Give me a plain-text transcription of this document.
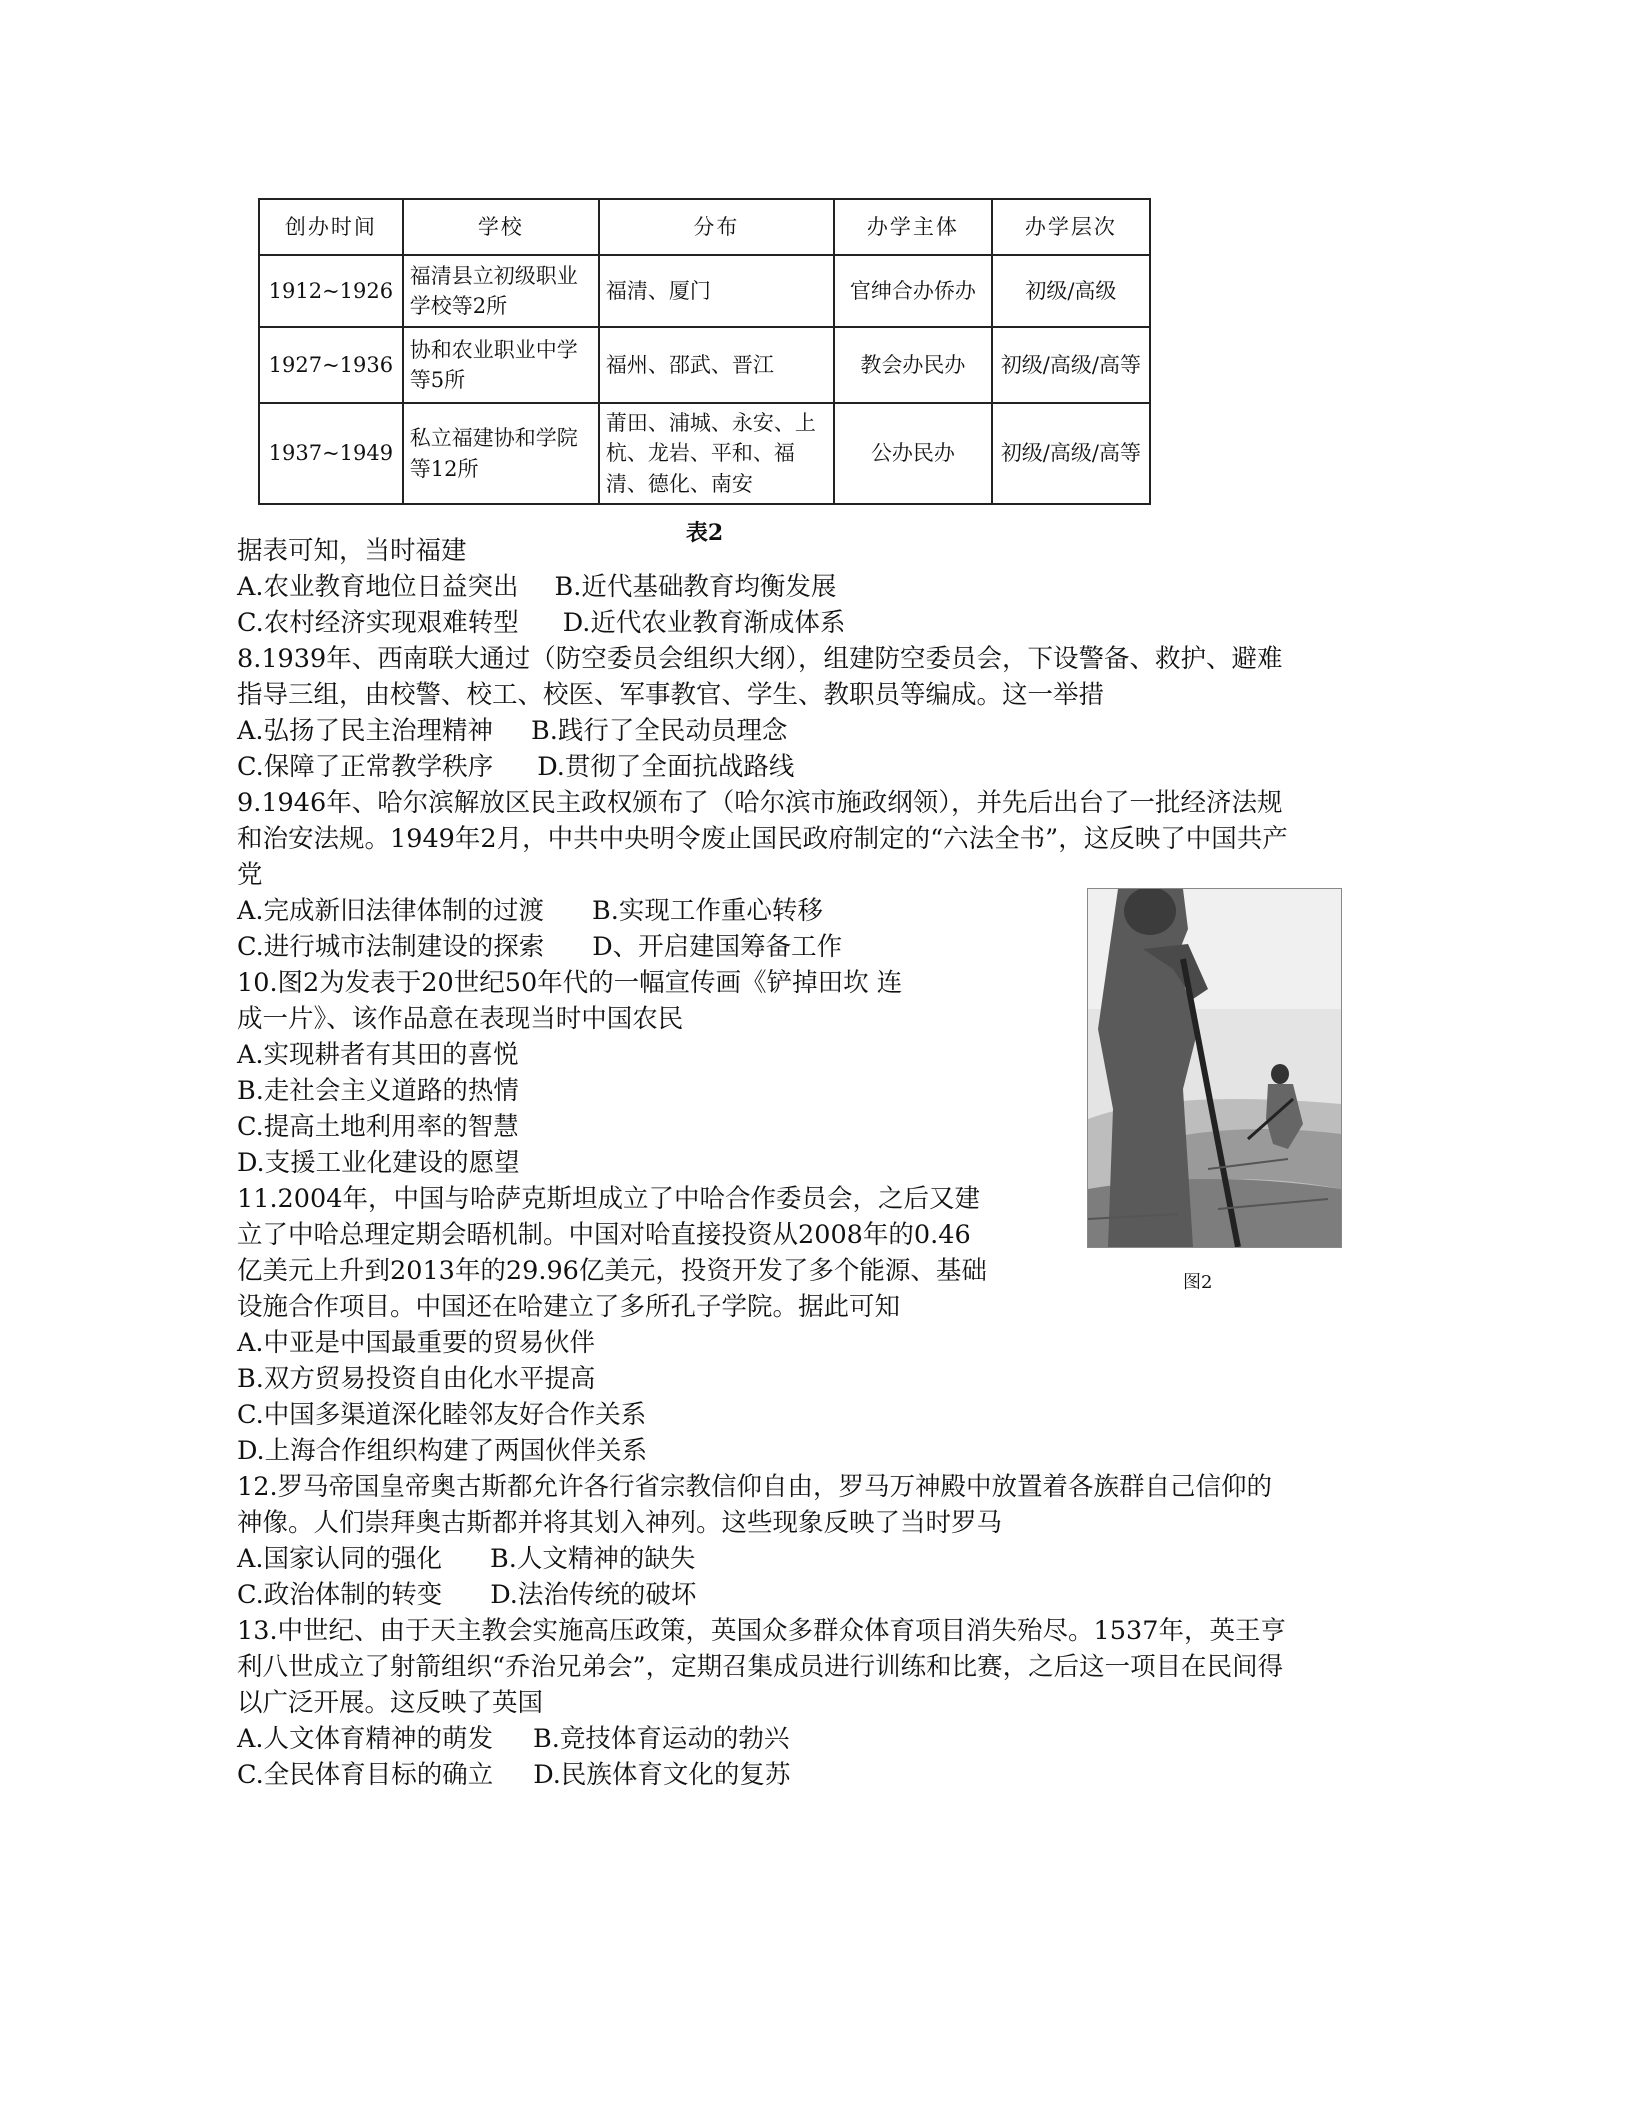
创办时间	学校	分布	办学主体	办学层次
1912~1926	福清县立初级职业学校等2所	福清、厦门	官绅合办侨办	初级/高级
1927~1936	协和农业职业中学等5所	福州、邵武、晋江	教会办民办	初级/高级/高等
1937~1949	私立福建协和学院等12所	莆田、浦城、永安、上杭、龙岩、平和、福清、德化、南安	公办民办	初级/高级/高等
表2
据表可知，当时福建
A.农业教育地位日益突出 B.近代基础教育均衡发展
C.农村经济实现艰难转型 D.近代农业教育渐成体系
8.1939年、西南联大通过（防空委员会组织大纲），组建防空委员会，下设警备、救护、避难
指导三组，由校警、校工、校医、军事教官、学生、教职员等编成。这一举措
A.弘扬了民主治理精神 B.践行了全民动员理念
C.保障了正常教学秩序 D.贯彻了全面抗战路线
9.1946年、哈尔滨解放区民主政权颁布了（哈尔滨市施政纲领），并先后出台了一批经济法规
和治安法规。1949年2月，中共中央明令废止国民政府制定的“六法全书”，这反映了中国共产
党
A.完成新旧法律体制的过渡 B.实现工作重心转移
C.进行城市法制建设的探索 D、开启建国筹备工作
10.图2为发表于20世纪50年代的一幅宣传画《铲掉田坎 连
成一片》、该作品意在表现当时中国农民
A.实现耕者有其田的喜悦
B.走社会主义道路的热情
C.提高土地利用率的智慧
D.支援工业化建设的愿望
11.2004年，中国与哈萨克斯坦成立了中哈合作委员会，之后又建
立了中哈总理定期会晤机制。中国对哈直接投资从2008年的0.46
亿美元上升到2013年的29.96亿美元，投资开发了多个能源、基础
设施合作项目。中国还在哈建立了多所孔子学院。据此可知
A.中亚是中国最重要的贸易伙伴
B.双方贸易投资自由化水平提高
C.中国多渠道深化睦邻友好合作关系
D.上海合作组织构建了两国伙伴关系
12.罗马帝国皇帝奥古斯都允许各行省宗教信仰自由，罗马万神殿中放置着各族群自己信仰的
神像。人们崇拜奥古斯都并将其划入神列。这些现象反映了当时罗马
A.国家认同的强化 B.人文精神的缺失
C.政治体制的转变 D.法治传统的破坏
13.中世纪、由于天主教会实施高压政策，英国众多群众体育项目消失殆尽。1537年，英王亨
利八世成立了射箭组织“乔治兄弟会”，定期召集成员进行训练和比赛，之后这一项目在民间得
以广泛开展。这反映了英国
A.人文体育精神的萌发 B.竞技体育运动的勃兴
C.全民体育目标的确立 D.民族体育文化的复苏
图2
